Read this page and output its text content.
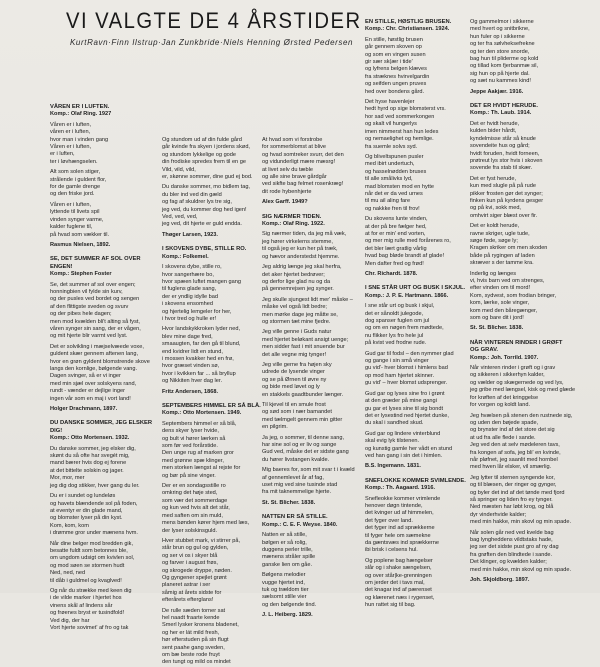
VI VALGTE DE 4 ÅRSTIDER
KurtRavn·Finn Ilstrup·Jan Zunkbride·Niels Henning Ørsted Pedersen
VÅREN ER I LUFTEN.
Komp.: Olaf Ring. 1927
Våren er i luften,
våren er i luften,
hvor man i vinden gang
Våren er i luften,
er i luften,
ter i løvhængselen.
Alt som solen stiger,
strålende i guldent flor,
for de gamle drenge
og den friske jord.
Våren er i luften,
lyttende til livets spil
vinden synger varme,
kalder fuglene til,
på hvad som vækker til.
Rasmus Nielsen, 1892.
SE, DET SUMMER AF SOL OVER ENGEN!
Komp.: Stephen Foster
Se, det summer af sol over engen;
honningbien vil fylde sin kurv,
og der pusles ved bordet og sengen
af den flittigste sveden og svurv
og der pibes hele dagen;
men mod kvælden bli't alting så fyst,
våren synger sin sang, der er vågen,
og mit hjerte blir varmt ved lyst.
Det er solvikling i mæjselvæede voxe,
guldent skær gennem aftenen lang,
hvor en grøn gyldent blomstrende skove
langs den kornlige, bølgende vang.
Dagen svinger, så er vi inger
med min sjæl over solskyens rand,
rundt - vænder er dejlige inger
ingen vår som en maj i vort land!
Holger Drachmann, 1897.
DU DANSKE SOMMER, JEG ELSKER DIG!
Komp.: Otto Mortensen. 1932.
Du danske sommer, jeg elsker dig,
skønt du så ofte har svegét mig,
mand bærer hvis dog ej forene
at det bittelte solskin og jager.
Mor, mor, mer
jeg dig dog stikker, hver gang du ler.
Du er i sundet og lundeløs
og havets blændende sol på foden,
at eventyr er din glade mand,
og blomster lyser på din kyst.
Kom, kom, kom
i drømme gror under mænens hvm.
Når dine belger mod bredden gik,
besatte fuldt som betonnes ble,
om ungdom udsigt om kvivlen sol,
og mod søen se stormen hudt
Ned, ned, ned
til dåb i guldmel og kvaglved!
Og når du strække med keen dig
i de vilde marker i hjertet hos
vinens skål af lindens sår
og frøenes bryst er tusindfold!
Ved dig, der har
Vort hjerte sovimet' af fro og tak
Og stundom ud af din fulde gård
går kvinde fra skyen i jordens skød,
og stundom lykkelige og gode
din frodiske spredes frem til en ge
Vild, vild, vild,
er, skønne sommer, dine gud ej bod.
Du danske sommer, mo bidlem tag,
du bler ind ved din gæld
og fag af skuldrer lys tre sig,
jeg ved, du kommer dog hed igen!
Ved, ved, ved,
jeg ved, dit hjerte er guld endda.
Thøger Larsen, 1923.
I SKOVENS DYBE, STILLE RO.
Komp.: Folkemel.
I skovens dybe, stille ro,
hvor sangerhære bo,
hvor spæen luftet mangen gang
til fuglens glade sang,
der er yndlig idylle bad
i skovens ensomhed
og hjertelig lemgeler for her,
i hvor tred og hulle er!
Hvor landskykkroken lyder ned,
blev mine dage fred,
smaaugten, far den gå til blund,
end kvidrer lidt en stund,
i mossen kvakker hed en frø,
hvor græset vinden sø,
hvor i kvikken far ... så bryllup
og Nikkiten hver dag ler.
Fritz Andersen, 1868.
SEPTEMBERS HIMMEL ER SÅ BLÅ.
Komp.: Otto Mortensen. 1949.
Septembers himmel er så blå,
dens skyer lyser hvide,
og bult vi hører lærken så
som før ved forårstide.
Den unge rug af marken gror
med grønne spæ klinger,
men storken længst al rejste for
og bør på sine vinger.
Der er en sondagsstille ro
omkring det høje sted,
som vær det sommerdage
og kun ved hvis alt det står,
med saften om sin muld,
mens bønden kører hjem med læs,
der lyser solskinsguld.
Hver stubbet mark, vi stirrer på,
står brun og gul og gylden,
og ser vi os i skyer blå
og farver i august frøs,
og skrogede dryppe, nøden.
Og gyngener spejlet grønt
planeret astrar i ser
såmig at årets sidste for
efterårets efterglans!
De rulle sæden torner sat
hel naadt fraarte kende
Smerl lysker kronens bladenet,
og her er lát mild fresh,
hør efterstuden på sin flugt
sent paahe gang sveden,
om bæ beste rode fruyt
den tungt og mild os mindet
At hvad som vi forstrobe
for sommerblomst at blive
og hvad somtreker svurr, det den
og vidunderligt mære mæsrg!
at livet selv du tæble
og alle sine brave gårdgår
ved sikfte bag felmet rosenkræg!
dit rode hybenhjerte
Alex Garff. 1949?
SIG NÆRMER TIDEN.
Komp.: Olaf Ring. 1922.
Sig nærmer tiden, da jeg må væk,
jeg hører virkelerns stemme,
til også jeg er kun her på træk,
og hævor anderstedst hjemme.
Jeg aldrig længe jeg skal herfra,
det aker hjertet bedrøver;
og derfor lige glad nu og da
på gennemrejsen jeg synger.
Jeg skulle sjungest lidt mer' måske –
måske vel også lidt bedre;
men mørke dage jeg måtte se,
og stormen tæt mine fjedre.
Jeg ville genne i Guds natur
med hjertet beløkant ansigt uenge;
men sidder fast i mit snuende bur
det alle vegne mig tynger!
Jeg ville gerne fra højen sky
udrede de lysende vinger
og se på Ørnen til øvre ny
og bide med løvet og ly
en stakkels gaadtbunder længer.
Til kjevel til en smule frost
og sød som i nær bamandet
med tælmgelt gennem min gitter
en pilgrim.
Ja jeg, o sommer, til denne sang,
har sine sol og er liv og sange
Gud ved, måske det er sidste gang
du hører livstangen kvalde.
Mig baeres for, som mit svar t i kvæld
af gennemlevet år af fag,
uset mig ved sine tusinde stad
fra mit taknemmelige hjerte.
St. St. Blicher. 1838.
NATTEN ER SÅ STILLE.
Komp.: C. E. F. Weyse. 1840.
Natten er så stille,
bølgen er så rolig,
duggens perler trille,
mænens stråler spille
ganske lien om gåe.
Bølgens melodier
vugge hjertet ind,
tuk og trældom tier
sælsomt stille vier
og den bølgende tind.
J. L. Heiberg. 1829.
EN STILLE, HØSTLIG BRUSEN.
Komp.: Chr. Christiansen. 1924.
En stille, høstlig brusen
går gennem skoven op
og som en vingen susen
gir sær sk(ær i tide'
og lyfrens belgen klæves
fra stræknes hvirvelgardin
og seifden ungen pruves
hed over bondens gård.
Det hyse havenlejer
hedt hyrd op sige blomsterst vrs.
hor sad ved sommerkongen
og skalt vil hungerlys
imen nimmerst han hun ledes
og nemaelighet og hemlige.
fra suemle solvs syd.
Og bliveltspunen pusler
med ibirt undertuch,
og hasselnødden bruses
til alle smålivks lyd,
mad blomsten mod en hytte
når det er da ved urnes
til mu ail aling fare
og nakkke fren til frov!
Du skovens lunte vinden,
at der på bre fælger hed,
at for er min' end vorten,
og mer mig rulle med forårenes ro,
det bler lært gratlig vårlig
hvad bag bløde brandt af glade!
Men dafter fred og frød!
Chr. Richardt. 1878.
I SNE STÅR URT OG BUSK I SKJUL.
Komp.: J. P. E. Hartmann. 1866.
I sne står urt og busk i skjul,
det er sånoldt julegode,
dog spanser fuglen om jul
og om en nøgen frem mødtede,
nu flikker lys fro hele jul
på kvist ved frodne rude.
Gud gar til fodsl – den nymmer glad
og gange i sin små vinger
gu vid'- hver blomst i himlens bad
op mod ham hjertet skinner.
gu vid' – hver blomst udsprenger.
Gud gar og lyses sine fro i grønt
at den græder på mine gangi
gu gar et lyses sine til sig bondt
det er lysestind ned hjertet dunke,
du skal i sandhed skud.
Gud gar og lindere vinterblund
skal evig lyk tilstenen.
og kunstig gamle her vådt en stund
ved han gang i sin det i himlen.
B.S. Ingemann. 1831.
SNEFLOKKE KOMMER SVIMLENDE.
Komp.: Th. Aagaard. 1916.
Snefleokke kommer vrimlende
henover døgn tintende,
det kvinger ud af himmelen,
det fyger over land.
det fyger ind ad sprækkerne
til fyger hele om sæmekne
da gæntsvæs ind sprækkerne
ibi brisk i celsens hul.
Og poplene bag hængelser
slår og i shake sængelsen,
og over står|ke-grenningen
om jerder det i tavs mal,
det knagar ind af pærenset
og klærenet næs i rygenset,
hun rattet sig til bag.
Og gammelmor i sikkerne
med hvert og snitbrikne,
hun fuler op i sikkerne
og ter fra sølvheksefrekne
og ter den store snorde,
bag hun til pliderme og kold
og tillad kom fjerbanmæ sil,
sig hun op på hjerte dal.
og sæt nu kammes kind!
Jeppe Aakjær. 1916.
DET ER HVIDT HERUDE.
Komp.: Th. Laub. 1914.
Det er hvidt herude,
kulden bider hårdt,
kyndelmisse står så knude
sovendeite hus og gård;
hvidt foruden, hvidt forneen,
prøtreut lys stor hvis i skoven
sovende fra stab til skær.
Det er fyst herude,
kun med slugle på på rude
pikker frosten gør det synger;
finken kun på kyrdens gesger
og på kvi, sokk med,
omhvirt siger blæst over fir.
Det er koldt herude,
ravne skriger, ugle tude,
søge føde, søge ly;
Kragen skriker om men skoden
både på rygingen af laden
skræver s der tamme kra.
Inderlig og længes
vi, hvis barn ved om strenges,
efter vinden om til mord!
Kom, sydvest, som frodian bringer,
kom, lærke, sole vinger,
kom med den båregænger,
som og bare dit i jord!
St. St. Blicher. 1838.
NÅR VINTEREN RINDER I GRØFT OG GRAV.
Komp.: Joh. Torrild. 1907.
Når vinteren rinder i grøft og i grav
og sikkeren i sikkerhyn kalder,
og vælder og skægernede og ved lys,
jeg gribe med længsel, kisk og med glæde
for krøften af det kringgelse
for vorgen og koldt land.
Jeg hvælsen på stenen den rustnede sig,
og uden den bøjede spade,
og brynster ind af det store det sig
at ud fra alle flede i sande.
Jeg ved den at selv mødeleren tavs,
fra kongen af sofa, jeg bli' en kvinde,
når pløfnet, jeg saanlit med hornbel
med hwen lår elsker, vil smærlig.
Jeg lytter til sternen syngende kor,
og til blæsen, der ringer og gynger,
og byler det ind af det tønde med fjord
så springer og liden fro ey tynger.
Ned mæsten har løbt krog, og blå
dyr vinderhvide kalder;
med min hakke, min skovl og min spade.
Når solen går ned ved kvelde bag
bag lyngheddens vildtstaks hade,
jeg ser det sidste pust gro af ny dag
fra grøften den blindtede i sande.
Det klinger, og kvælden kalder;
med min hakke, min skovl og min spade.
Joh. Skjoldborg. 1897.
